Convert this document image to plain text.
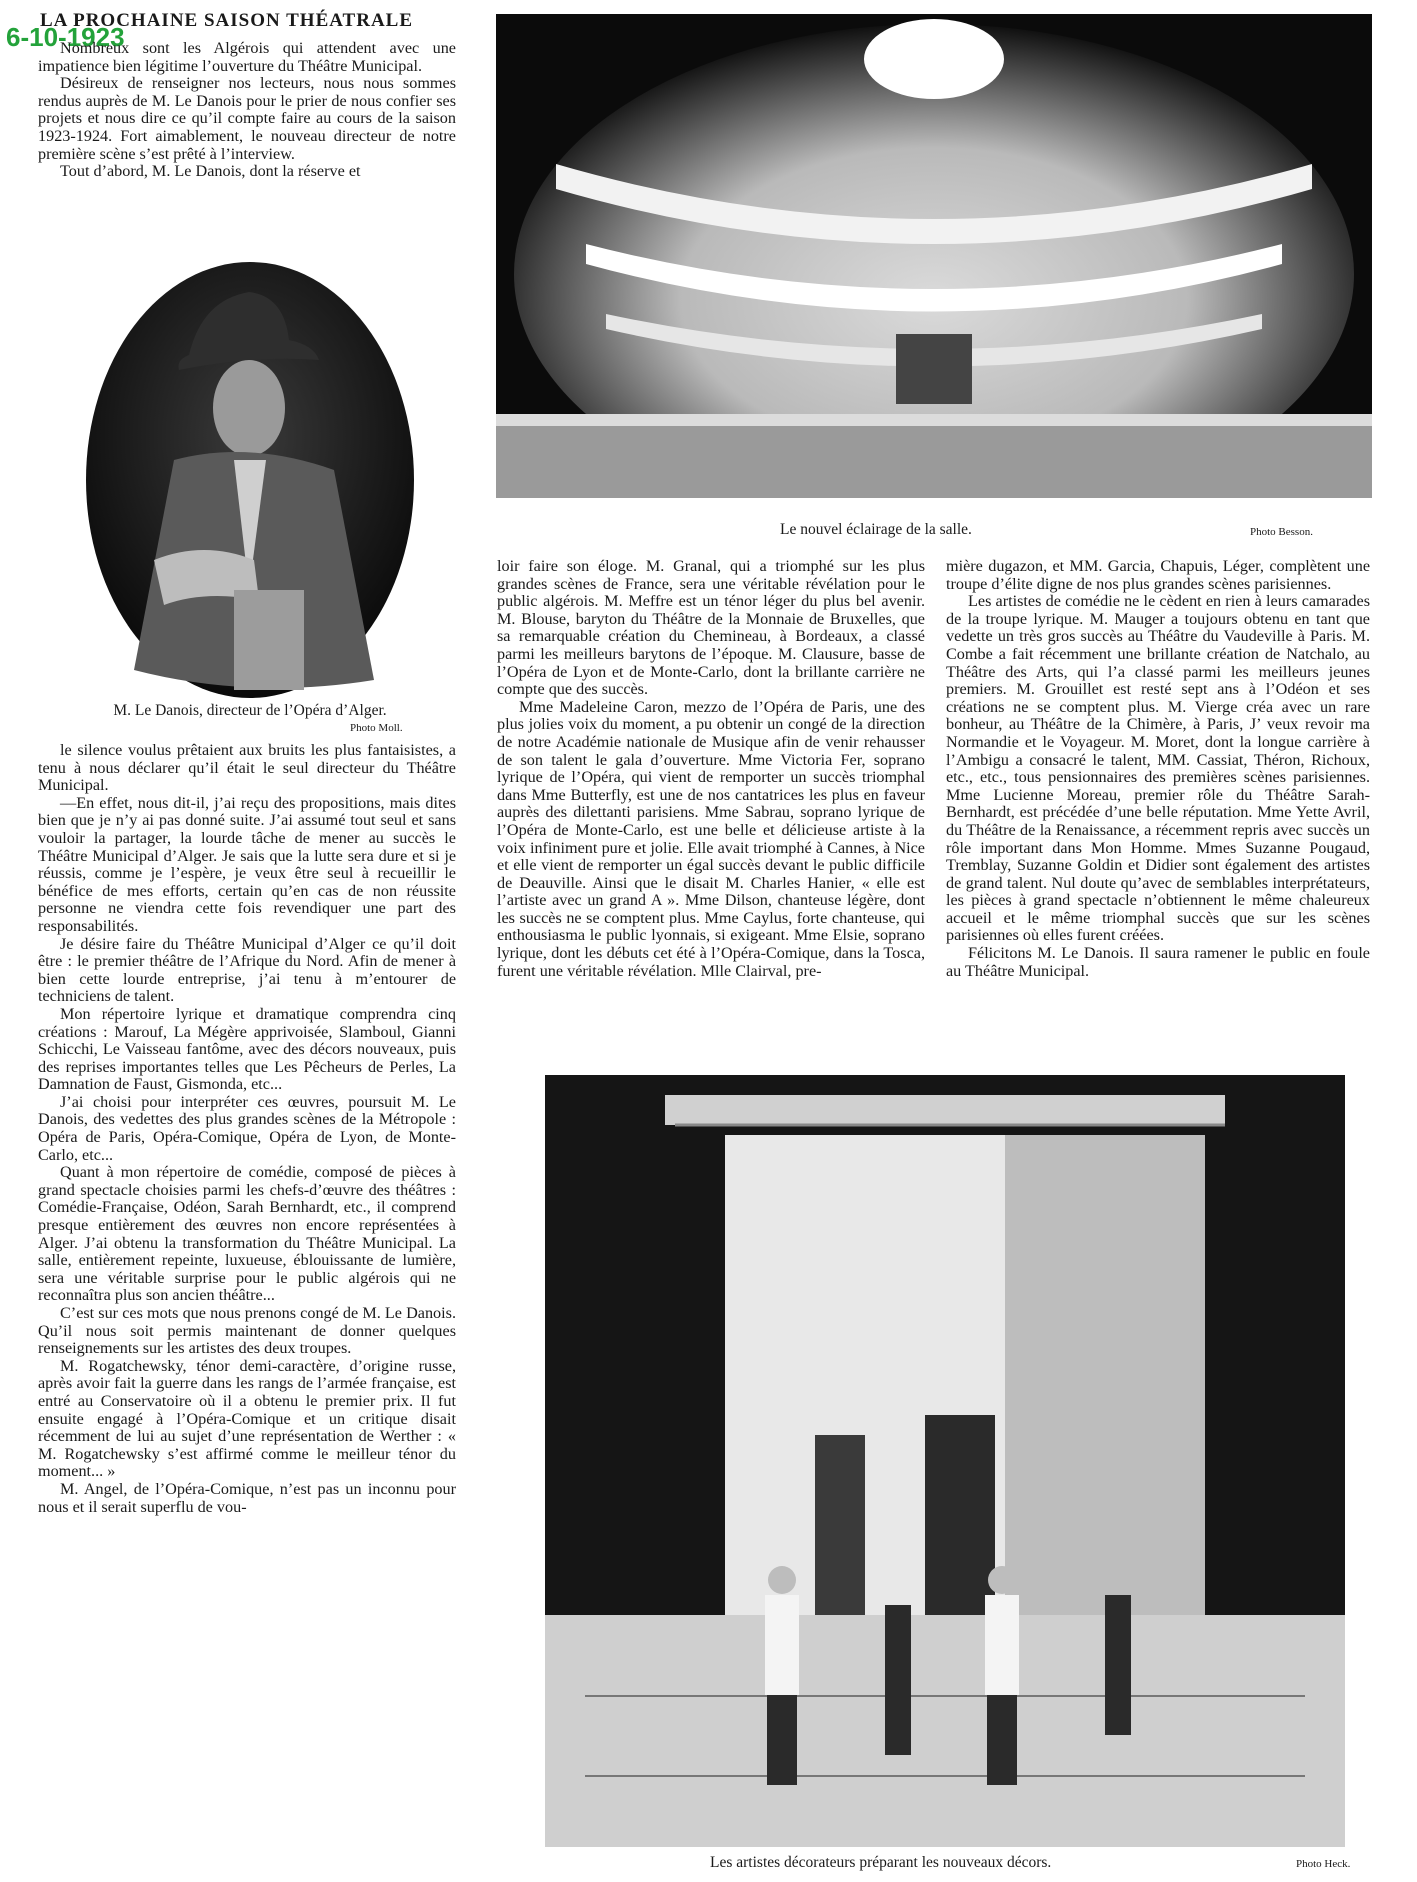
LA PROCHAINE SAISON THÉATRALE
6-10-1923

Nombreux sont les Algérois qui attendent avec une impatience bien légitime l’ouverture du Théâtre Municipal.

Désireux de renseigner nos lecteurs, nous nous sommes rendus auprès de M. Le Danois pour le prier de nous confier ses projets et nous dire ce qu’il compte faire au cours de la saison 1923-1924. Fort aimablement, le nouveau directeur de notre première scène s’est prêté à l’interview.

Tout d’abord, M. Le Danois, dont la réserve et

M. Le Danois, directeur de l’Opéra d’Alger.
Photo Moll.

le silence voulus prêtaient aux bruits les plus fantaisistes, a tenu à nous déclarer qu’il était le seul directeur du Théâtre Municipal.

—En effet, nous dit-il, j’ai reçu des propositions, mais dites bien que je n’y ai pas donné suite. J’ai assumé tout seul et sans vouloir la partager, la lourde tâche de mener au succès le Théâtre Municipal d’Alger. Je sais que la lutte sera dure et si je réussis, comme je l’espère, je veux être seul à recueillir le bénéfice de mes efforts, certain qu’en cas de non réussite personne ne viendra cette fois revendiquer une part des responsabilités.

Je désire faire du Théâtre Municipal d’Alger ce qu’il doit être : le premier théâtre de l’Afrique du Nord. Afin de mener à bien cette lourde entreprise, j’ai tenu à m’entourer de techniciens de talent.

Mon répertoire lyrique et dramatique comprendra cinq créations : Marouf, La Mégère apprivoisée, Slamboul, Gianni Schicchi, Le Vaisseau fantôme, avec des décors nouveaux, puis des reprises importantes telles que Les Pêcheurs de Perles, La Damnation de Faust, Gismonda, etc...

J’ai choisi pour interpréter ces œuvres, poursuit M. Le Danois, des vedettes des plus grandes scènes de la Métropole : Opéra de Paris, Opéra-Comique, Opéra de Lyon, de Monte-Carlo, etc...

Quant à mon répertoire de comédie, composé de pièces à grand spectacle choisies parmi les chefs-d’œuvre des théâtres : Comédie-Française, Odéon, Sarah Bernhardt, etc., il comprend presque entièrement des œuvres non encore représentées à Alger. J’ai obtenu la transformation du Théâtre Municipal. La salle, entièrement repeinte, luxueuse, éblouissante de lumière, sera une véritable surprise pour le public algérois qui ne reconnaîtra plus son ancien théâtre...

C’est sur ces mots que nous prenons congé de M. Le Danois. Qu’il nous soit permis maintenant de donner quelques renseignements sur les artistes des deux troupes.

M. Rogatchewsky, ténor demi-caractère, d’origine russe, après avoir fait la guerre dans les rangs de l’armée française, est entré au Conservatoire où il a obtenu le premier prix. Il fut ensuite engagé à l’Opéra-Comique et un critique disait récemment de lui au sujet d’une représentation de Werther : « M. Rogatchewsky s’est affirmé comme le meilleur ténor du moment... »

M. Angel, de l’Opéra-Comique, n’est pas un inconnu pour nous et il serait superflu de vou-

Le nouvel éclairage de la salle.	Photo Besson.

loir faire son éloge. M. Granal, qui a triomphé sur les plus grandes scènes de France, sera une véritable révélation pour le public algérois. M. Meffre est un ténor léger du plus bel avenir. M. Blouse, baryton du Théâtre de la Monnaie de Bruxelles, que sa remarquable création du Chemineau, à Bordeaux, a classé parmi les meilleurs barytons de l’époque. M. Clausure, basse de l’Opéra de Lyon et de Monte-Carlo, dont la brillante carrière ne compte que des succès.

Mme Madeleine Caron, mezzo de l’Opéra de Paris, une des plus jolies voix du moment, a pu obtenir un congé de la direction de notre Académie nationale de Musique afin de venir rehausser de son talent le gala d’ouverture. Mme Victoria Fer, soprano lyrique de l’Opéra, qui vient de remporter un succès triomphal dans Mme Butterfly, est une de nos cantatrices les plus en faveur auprès des dilettanti parisiens. Mme Sabrau, soprano lyrique de l’Opéra de Monte-Carlo, est une belle et délicieuse artiste à la voix infiniment pure et jolie. Elle avait triomphé à Cannes, à Nice et elle vient de remporter un égal succès devant le public difficile de Deauville. Ainsi que le disait M. Charles Hanier, « elle est l’artiste avec un grand A ». Mme Dilson, chanteuse légère, dont les succès ne se comptent plus. Mme Caylus, forte chanteuse, qui enthousiasma le public lyonnais, si exigeant. Mme Elsie, soprano lyrique, dont les débuts cet été à l’Opéra-Comique, dans la Tosca, furent une véritable révélation. Mlle Clairval, pre-

mière dugazon, et MM. Garcia, Chapuis, Léger, complètent une troupe d’élite digne de nos plus grandes scènes parisiennes.

Les artistes de comédie ne le cèdent en rien à leurs camarades de la troupe lyrique. M. Mauger a toujours obtenu en tant que vedette un très gros succès au Théâtre du Vaudeville à Paris. M. Combe a fait récemment une brillante création de Natchalo, au Théâtre des Arts, qui l’a classé parmi les meilleurs jeunes premiers. M. Grouillet est resté sept ans à l’Odéon et ses créations ne se comptent plus. M. Vierge créa avec un rare bonheur, au Théâtre de la Chimère, à Paris, J’ veux revoir ma Normandie et le Voyageur. M. Moret, dont la longue carrière à l’Ambigu a consacré le talent, MM. Cassiat, Théron, Richoux, etc., etc., tous pensionnaires des premières scènes parisiennes. Mme Lucienne Moreau, premier rôle du Théâtre Sarah-Bernhardt, est précédée d’une belle réputation. Mme Yette Avril, du Théâtre de la Renaissance, a récemment repris avec succès un rôle important dans Mon Homme. Mmes Suzanne Pougaud, Tremblay, Suzanne Goldin et Didier sont également des artistes de grand talent. Nul doute qu’avec de semblables interprétateurs, les pièces à grand spectacle n’obtiennent le même chaleureux accueil et le même triomphal succès que sur les scènes parisiennes où elles furent créées.

Félicitons M. Le Danois. Il saura ramener le public en foule au Théâtre Municipal.

Les artistes décorateurs préparant les nouveaux décors.	Photo Heck.
